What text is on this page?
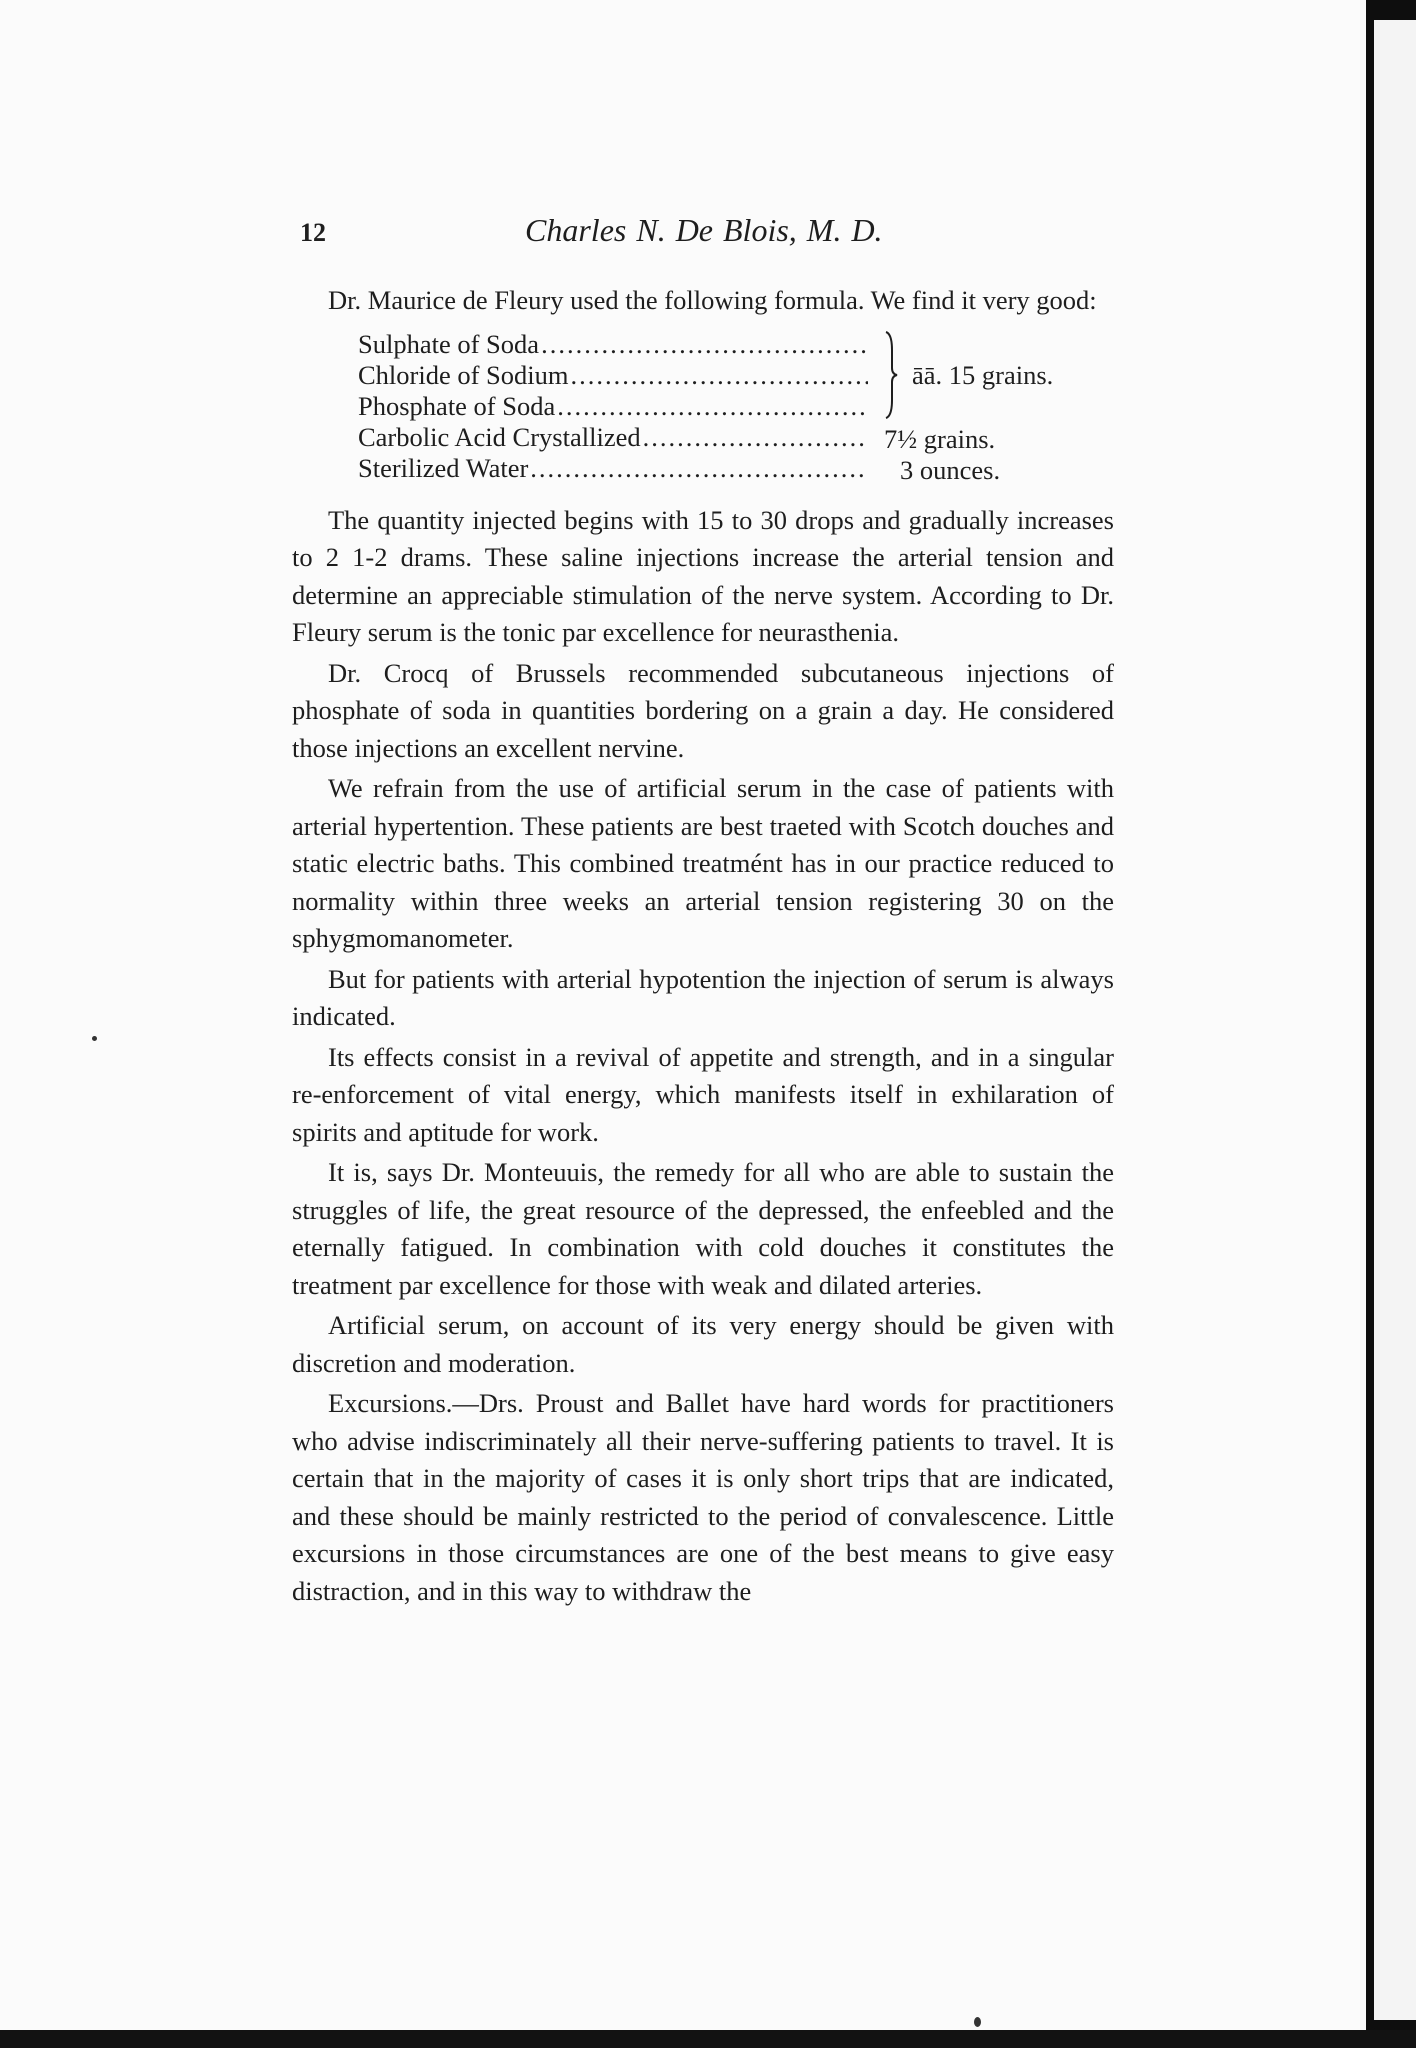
12	Charles N. De Blois, M. D.

Dr. Maurice de Fleury used the following formula. We find it very good:

Sulphate of Soda
.....
Chloride of Sodium
.....
Phosphate of Soda
.....
Carbolic Acid Crystallized
.....
Sterilized Water
.....
āā. 15 grains.
7½ grains.
3 ounces.

The quantity injected begins with 15 to 30 drops and gradually increases to 2 1-2 drams. These saline injections increase the arterial tension and determine an appreciable stimulation of the nerve system. According to Dr. Fleury serum is the tonic par excellence for neurasthenia.

Dr. Crocq of Brussels recommended subcutaneous injections of phosphate of soda in quantities bordering on a grain a day. He considered those injections an excellent nervine.

We refrain from the use of artificial serum in the case of patients with arterial hypertention. These patients are best traeted with Scotch douches and static electric baths. This combined treatmént has in our practice reduced to normality within three weeks an arterial tension registering 30 on the sphygmomanometer.

But for patients with arterial hypotention the injection of serum is always indicated.

Its effects consist in a revival of appetite and strength, and in a singular re-enforcement of vital energy, which manifests itself in exhilaration of spirits and aptitude for work.

It is, says Dr. Monteuuis, the remedy for all who are able to sustain the struggles of life, the great resource of the depressed, the enfeebled and the eternally fatigued. In combination with cold douches it constitutes the treatment par excellence for those with weak and dilated arteries.

Artificial serum, on account of its very energy should be given with discretion and moderation.

Excursions.—Drs. Proust and Ballet have hard words for practitioners who advise indiscriminately all their nerve-suffering patients to travel. It is certain that in the majority of cases it is only short trips that are indicated, and these should be mainly restricted to the period of convalescence. Little excursions in those circumstances are one of the best means to give easy distraction, and in this way to withdraw the
